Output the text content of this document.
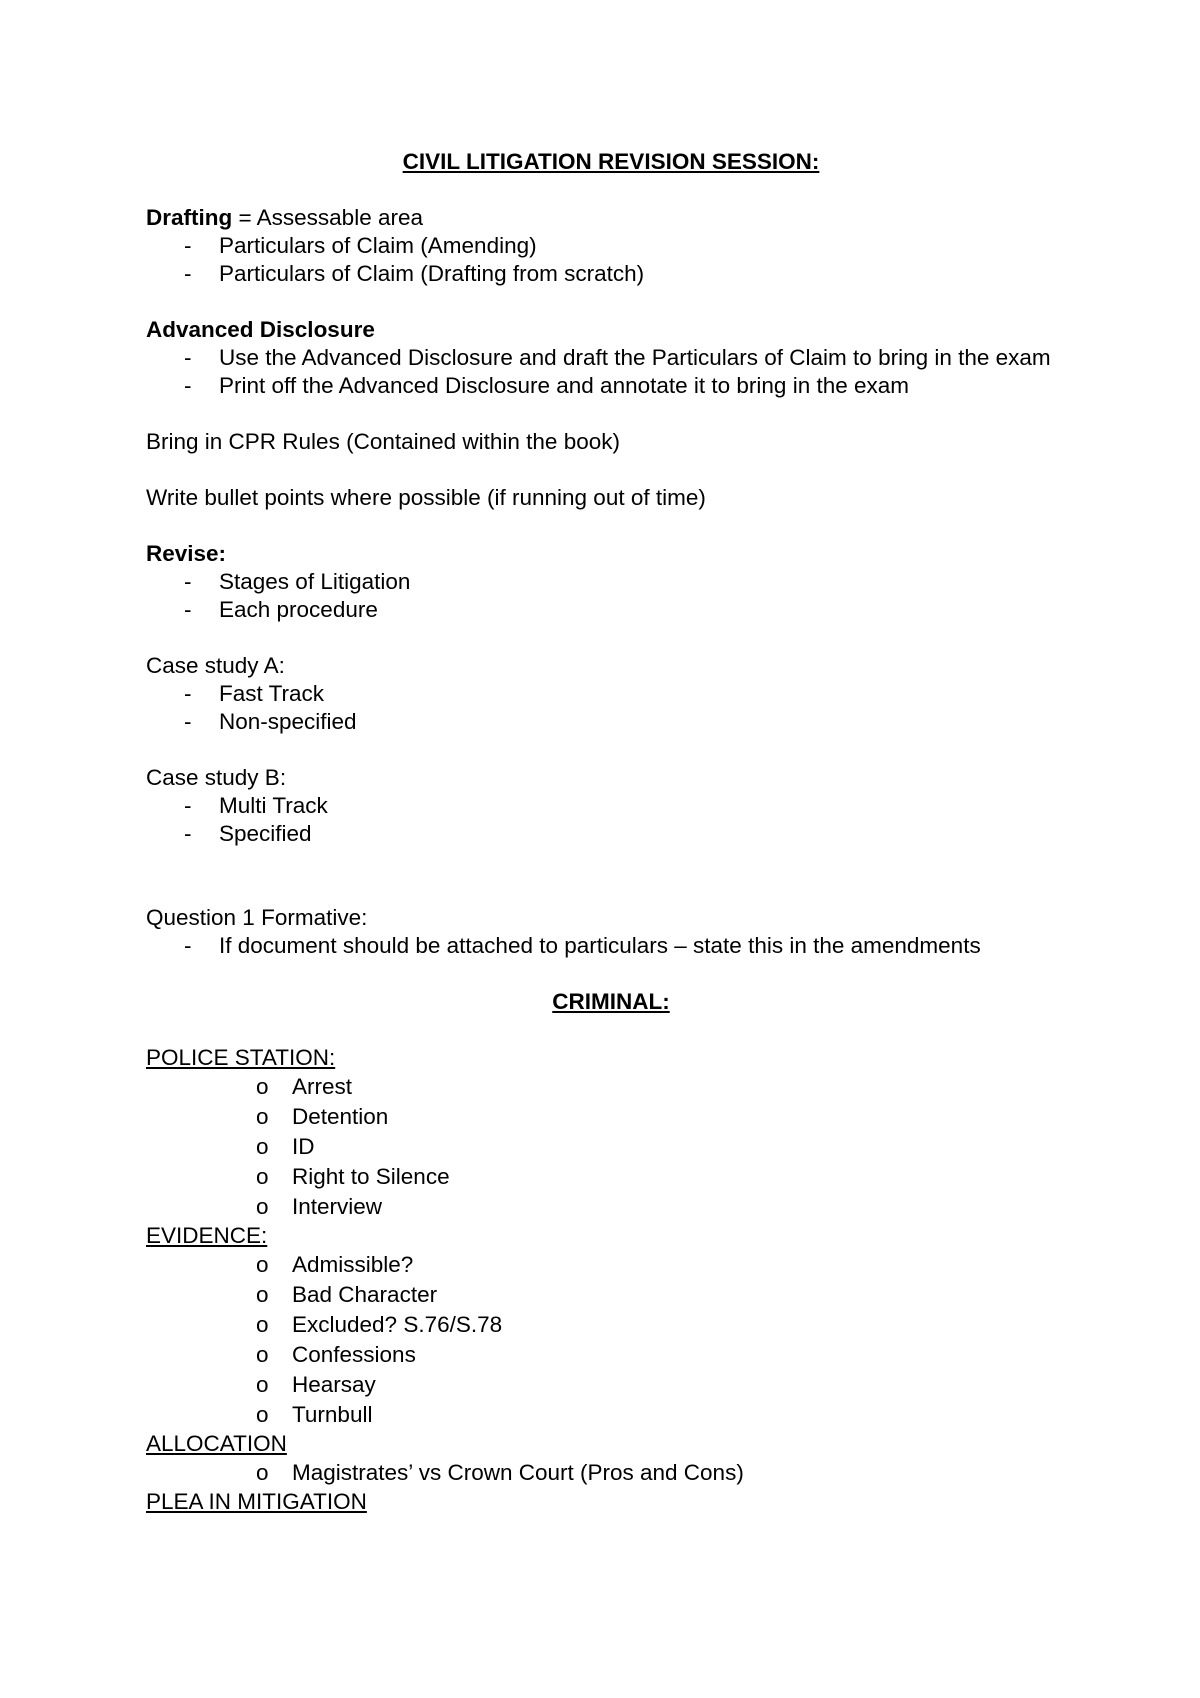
CIVIL LITIGATION REVISION SESSION:
Drafting = Assessable area
- Particulars of Claim (Amending)
- Particulars of Claim (Drafting from scratch)
Advanced Disclosure
- Use the Advanced Disclosure and draft the Particulars of Claim to bring in the exam
- Print off the Advanced Disclosure and annotate it to bring in the exam
Bring in CPR Rules (Contained within the book)
Write bullet points where possible (if running out of time)
Revise:
- Stages of Litigation
- Each procedure
Case study A:
- Fast Track
- Non-specified
Case study B:
- Multi Track
- Specified
Question 1 Formative:
- If document should be attached to particulars – state this in the amendments
CRIMINAL:
POLICE STATION:
o Arrest
o Detention
o ID
o Right to Silence
o Interview
EVIDENCE:
o Admissible?
o Bad Character
o Excluded? S.76/S.78
o Confessions
o Hearsay
o Turnbull
ALLOCATION
o Magistrates’ vs Crown Court (Pros and Cons)
PLEA IN MITIGATION
